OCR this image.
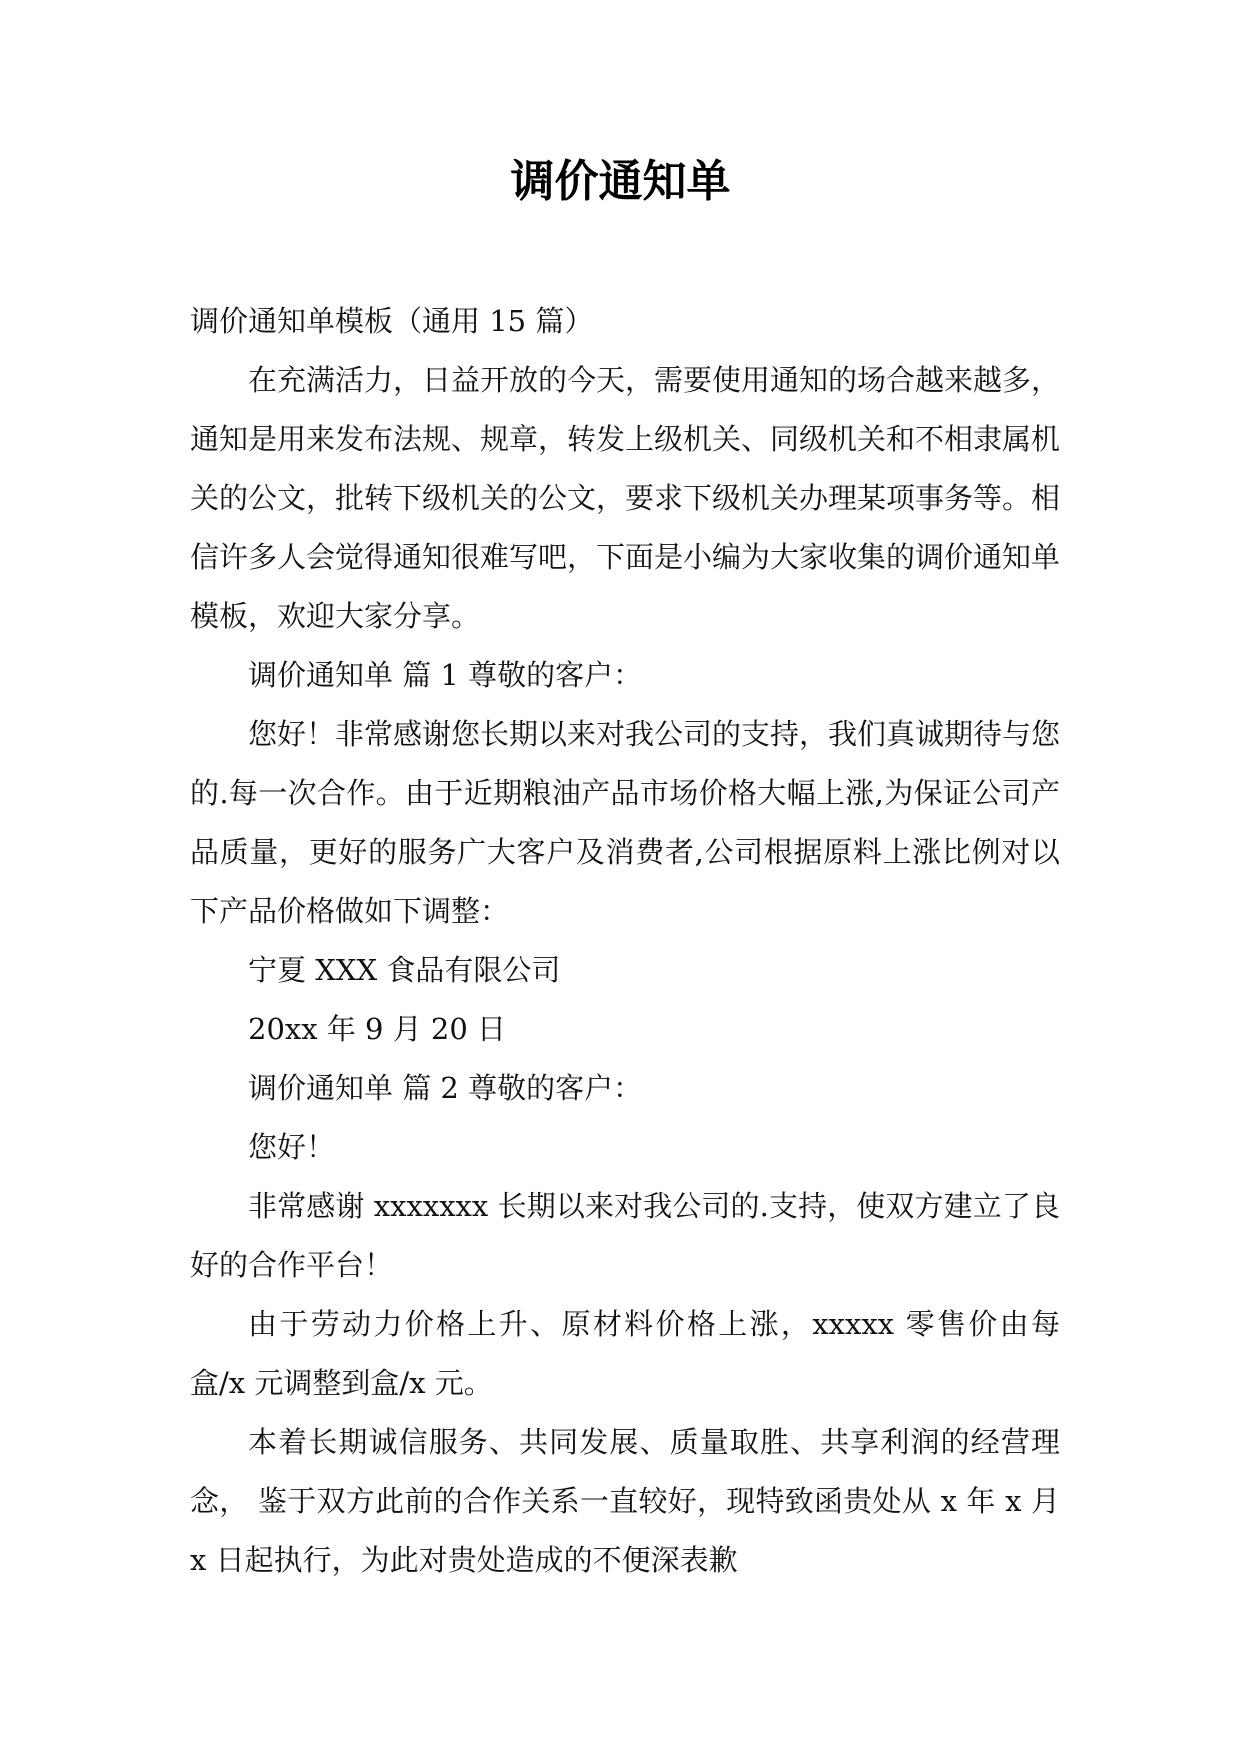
调价通知单

调价通知单模板（通用 15 篇）

在充满活力，日益开放的今天，需要使用通知的场合越来越多，通知是用来发布法规、规章，转发上级机关、同级机关和不相隶属机关的公文，批转下级机关的公文，要求下级机关办理某项事务等。相信许多人会觉得通知很难写吧，下面是小编为大家收集的调价通知单模板，欢迎大家分享。

调价通知单 篇 1 尊敬的客户：

您好！非常感谢您长期以来对我公司的支持，我们真诚期待与您的.每一次合作。由于近期粮油产品市场价格大幅上涨,为保证公司产品质量，更好的服务广大客户及消费者,公司根据原料上涨比例对以下产品价格做如下调整：

宁夏 XXX 食品有限公司

20xx 年 9 月 20 日

调价通知单 篇 2 尊敬的客户：

您好！

非常感谢 xxxxxxx 长期以来对我公司的.支持，使双方建立了良好的合作平台！

由于劳动力价格上升、原材料价格上涨，xxxxx 零售价由每盒/x 元调整到盒/x 元。

本着长期诚信服务、共同发展、质量取胜、共享利润的经营理念， 鉴于双方此前的合作关系一直较好，现特致函贵处从 x 年 x 月 x 日起执行，为此对贵处造成的不便深表歉
